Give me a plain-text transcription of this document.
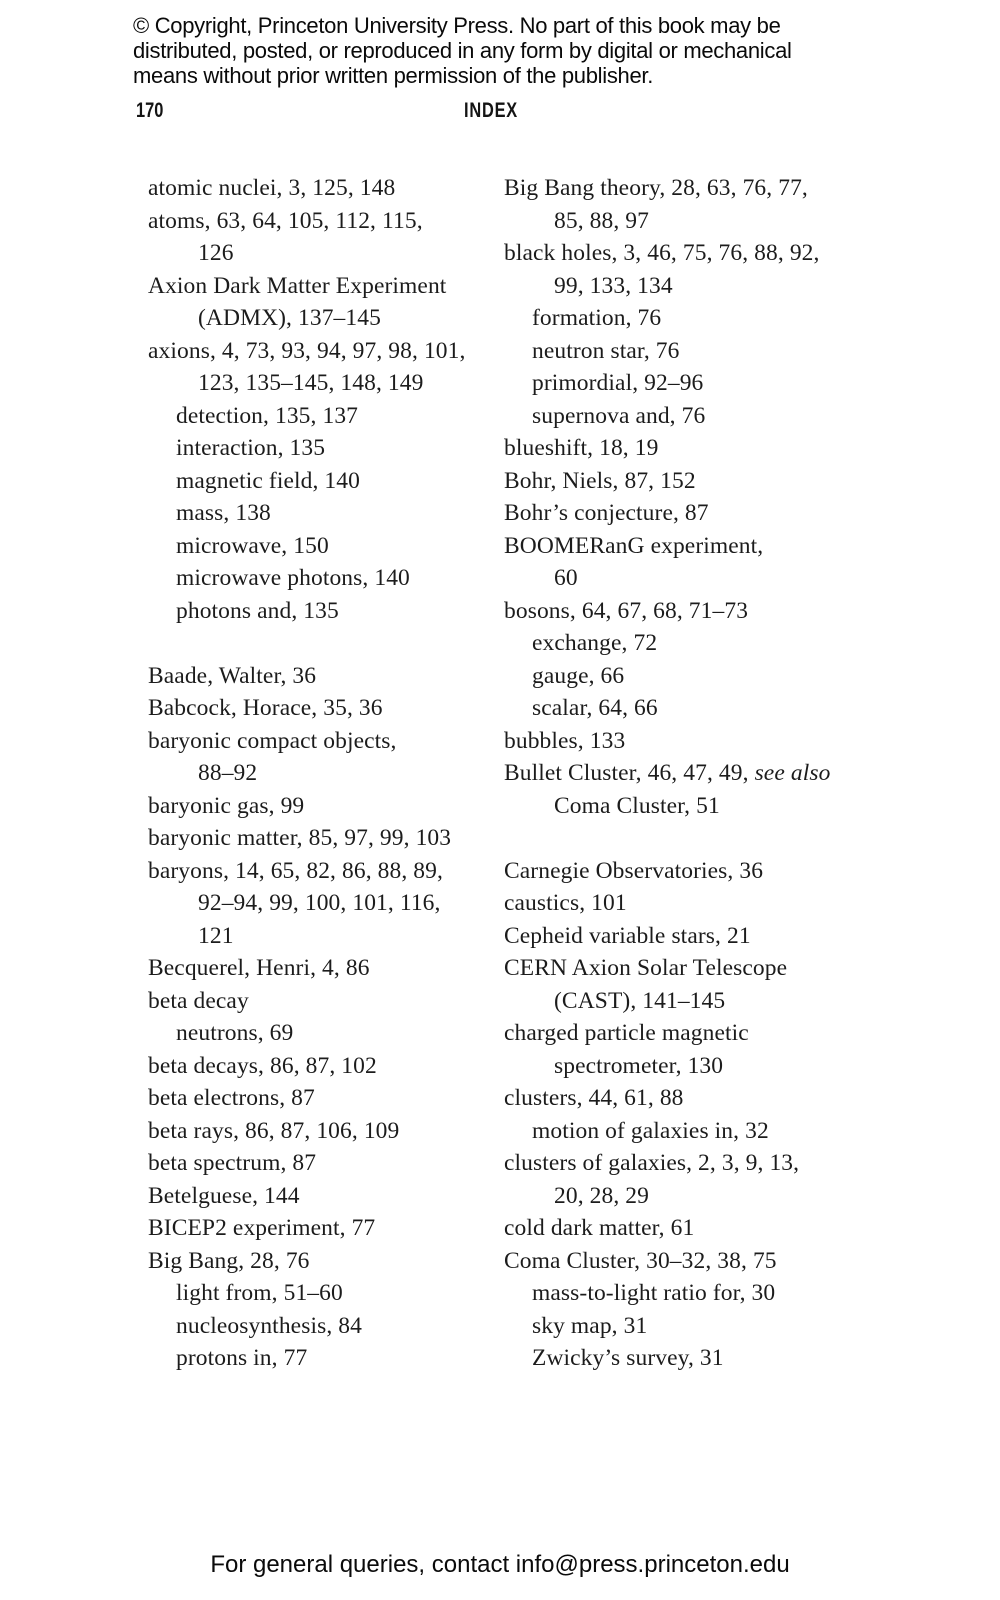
© Copyright, Princeton University Press. No part of this book may be
distributed, posted, or reproduced in any form by digital or mechanical
means without prior written permission of the publisher.
170	INDEX
atomic nuclei, 3, 125, 148
atoms, 63, 64, 105, 112, 115,
126
Axion Dark Matter Experiment
(ADMX), 137–145
axions, 4, 73, 93, 94, 97, 98, 101,
123, 135–145, 148, 149
detection, 135, 137
interaction, 135
magnetic field, 140
mass, 138
microwave, 150
microwave photons, 140
photons and, 135

Baade, Walter, 36
Babcock, Horace, 35, 36
baryonic compact objects,
88–92
baryonic gas, 99
baryonic matter, 85, 97, 99, 103
baryons, 14, 65, 82, 86, 88, 89,
92–94, 99, 100, 101, 116,
121
Becquerel, Henri, 4, 86
beta decay
neutrons, 69
beta decays, 86, 87, 102
beta electrons, 87
beta rays, 86, 87, 106, 109
beta spectrum, 87
Betelguese, 144
BICEP2 experiment, 77
Big Bang, 28, 76
light from, 51–60
nucleosynthesis, 84
protons in, 77
Big Bang theory, 28, 63, 76, 77,
85, 88, 97
black holes, 3, 46, 75, 76, 88, 92,
99, 133, 134
formation, 76
neutron star, 76
primordial, 92–96
supernova and, 76
blueshift, 18, 19
Bohr, Niels, 87, 152
Bohr’s conjecture, 87
BOOMERanG experiment,
60
bosons, 64, 67, 68, 71–73
exchange, 72
gauge, 66
scalar, 64, 66
bubbles, 133
Bullet Cluster, 46, 47, 49, see also
Coma Cluster, 51

Carnegie Observatories, 36
caustics, 101
Cepheid variable stars, 21
CERN Axion Solar Telescope
(CAST), 141–145
charged particle magnetic
spectrometer, 130
clusters, 44, 61, 88
motion of galaxies in, 32
clusters of galaxies, 2, 3, 9, 13,
20, 28, 29
cold dark matter, 61
Coma Cluster, 30–32, 38, 75
mass-to-light ratio for, 30
sky map, 31
Zwicky’s survey, 31
For general queries, contact info@press.princeton.edu
